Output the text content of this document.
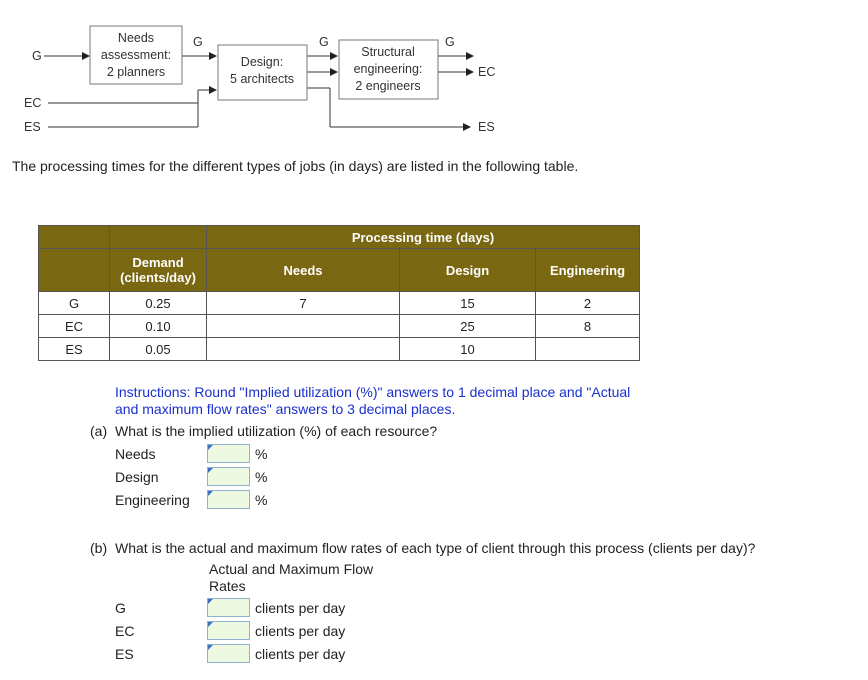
G
EC
ES
Needs
assessment:
2 planners
Design:
5 architects
Structural
engineering:
2 engineers
G	G	G
EC
ES
The processing times for the different types of jobs (in days) are listed in the following table.
		Processing time (days)		
	Demand
(clients/day)	Needs	Design	Engineering
G	0.25	7	15	2
EC	0.10		25	8
ES	0.05		10	
Instructions: Round "Implied utilization (%)" answers to 1 decimal place and "Actual
and maximum flow rates" answers to 3 decimal places.
(a) What is the implied utilization (%) of each resource?
Needs	%
Design	%
Engineering	%
(b) What is the actual and maximum flow rates of each type of client through this process (clients per day)?
Actual and Maximum Flow
Rates
G	clients per day
EC	clients per day
ES	clients per day
